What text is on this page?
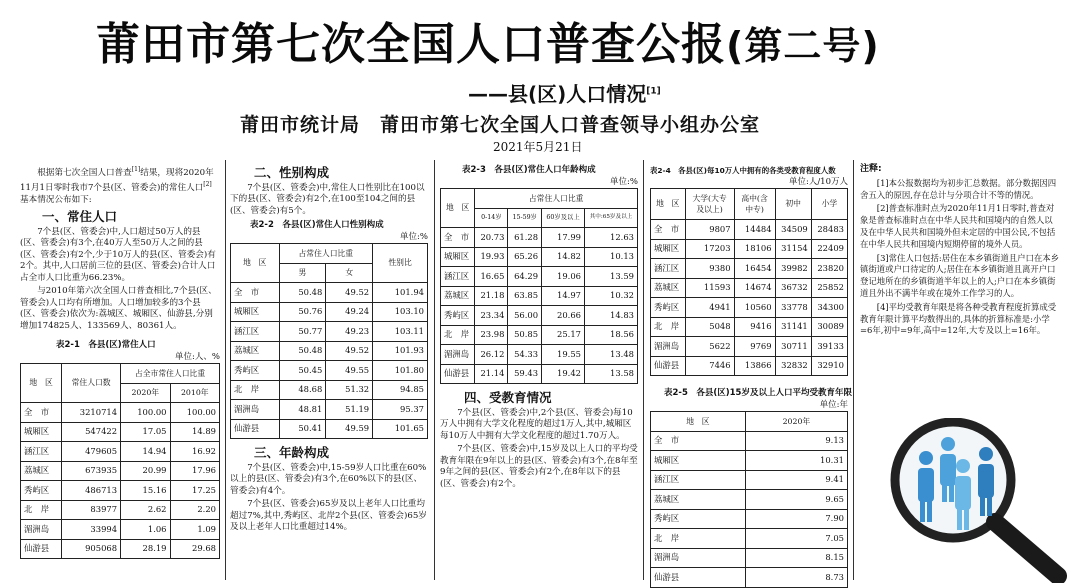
莆田市第七次全国人口普查公报(第二号)
——县(区)人口情况[1]
莆田市统计局　莆田市第七次全国人口普查领导小组办公室
2021年5月21日

根据第七次全国人口普查[1]结果，现将2020年11月1日零时我市7个县(区、管委会)的常住人口[2]基本情况公布如下:

一、常住人口

7个县(区、管委会)中,人口超过50万人的县(区、管委会)有3个,在40万人至50万人之间的县(区、管委会)有2个,少于10万人的县(区、管委会)有2个。其中,人口居前三位的县(区、管委会)合计人口占全市人口比重为66.23%。

与2010年第六次全国人口普查相比,7个县(区、管委会)人口均有所增加。人口增加较多的3个县(区、管委会)依次为:荔城区、城厢区、仙游县,分别增加174825人、133569人、80361人。

表2-1　各县(区)常住人口
单位:人、%
地　区	常住人口数	占全市常住人口比重	
		2020年	2010年
全　市	3210714	100.00	100.00
城厢区	547422	17.05	14.89
涵江区	479605	14.94	16.92
荔城区	673935	20.99	17.96
秀屿区	486713	15.16	17.25
北　岸	83977	2.62	2.20
湄洲岛	33994	1.06	1.09
仙游县	905068	28.19	29.68
二、性别构成

7个县(区、管委会)中,常住人口性别比在100以下的县(区、管委会)有2个,在100至104之间的县(区、管委会)有5个。

表2-2　各县(区)常住人口性别构成
单位:%
地　区	占常住人口比重		性别比
	男	女	
全　市	50.48	49.52	101.94
城厢区	50.76	49.24	103.10
涵江区	50.77	49.23	103.11
荔城区	50.48	49.52	101.93
秀屿区	50.45	49.55	101.80
北　岸	48.68	51.32	94.85
湄洲岛	48.81	51.19	95.37
仙游县	50.41	49.59	101.65
三、年龄构成

7个县(区、管委会)中,15-59岁人口比重在60%以上的县(区、管委会)有3个,在60%以下的县(区、管委会)有4个。

7个县(区、管委会)65岁及以上老年人口比重均超过7%,其中,秀屿区、北岸2个县(区、管委会)65岁及以上老年人口比重超过14%。

表2-3　各县(区)常住人口年龄构成
单位:%
地　区	占常住人口比重			
	0-14岁	15-59岁	60岁及以上	其中:65岁及以上
全　市	20.73	61.28	17.99	12.63
城厢区	19.93	65.26	14.82	10.13
涵江区	16.65	64.29	19.06	13.59
荔城区	21.18	63.85	14.97	10.32
秀屿区	23.34	56.00	20.66	14.83
北　岸	23.98	50.85	25.17	18.56
湄洲岛	26.12	54.33	19.55	13.48
仙游县	21.14	59.43	19.42	13.58
四、受教育情况

7个县(区、管委会)中,2个县(区、管委会)每10万人中拥有大学文化程度的超过1万人,其中,城厢区每10万人中拥有大学文化程度的超过1.70万人。

7个县(区、管委会)中,15岁及以上人口的平均受教育年限在9年以上的县(区、管委会)有3个,在8年至9年之间的县(区、管委会)有2个,在8年以下的县(区、管委会)有2个。

表2-4　各县(区)每10万人中拥有的各类受教育程度人数
单位:人/10万人
地　区	大学(大专及以上)	高中(含中专)	初中	小学
全　市	9807	14484	34509	28483
城厢区	17203	18106	31154	22409
涵江区	9380	16454	39982	23820
荔城区	11593	14674	36732	25852
秀屿区	4941	10560	33778	34300
北　岸	5048	9416	31141	30089
湄洲岛	5622	9769	30711	39133
仙游县	7446	13866	32832	32910
表2-5　各县(区)15岁及以上人口平均受教育年限
单位:年
地　区	2020年
全　市	9.13
城厢区	10.31
涵江区	9.41
荔城区	9.65
秀屿区	7.90
北　岸	7.05
湄洲岛	8.15
仙游县	8.73
注释:

[1]本公报数据均为初步汇总数据。部分数据因四舍五入的原因,存在总计与分项合计不等的情况。

[2]普查标准时点为2020年11月1日零时,普查对象是普查标准时点在中华人民共和国境内的自然人以及在中华人民共和国境外但未定居的中国公民,不包括在中华人民共和国境内短期停留的境外人员。

[3]常住人口包括:居住在本乡镇街道且户口在本乡镇街道或户口待定的人;居住在本乡镇街道且离开户口登记地所在的乡镇街道半年以上的人;户口在本乡镇街道且外出不满半年或在境外工作学习的人。

[4]平均受教育年限是将各种受教育程度折算成受教育年限计算平均数得出的,具体的折算标准是:小学=6年,初中=9年,高中=12年,大专及以上=16年。
